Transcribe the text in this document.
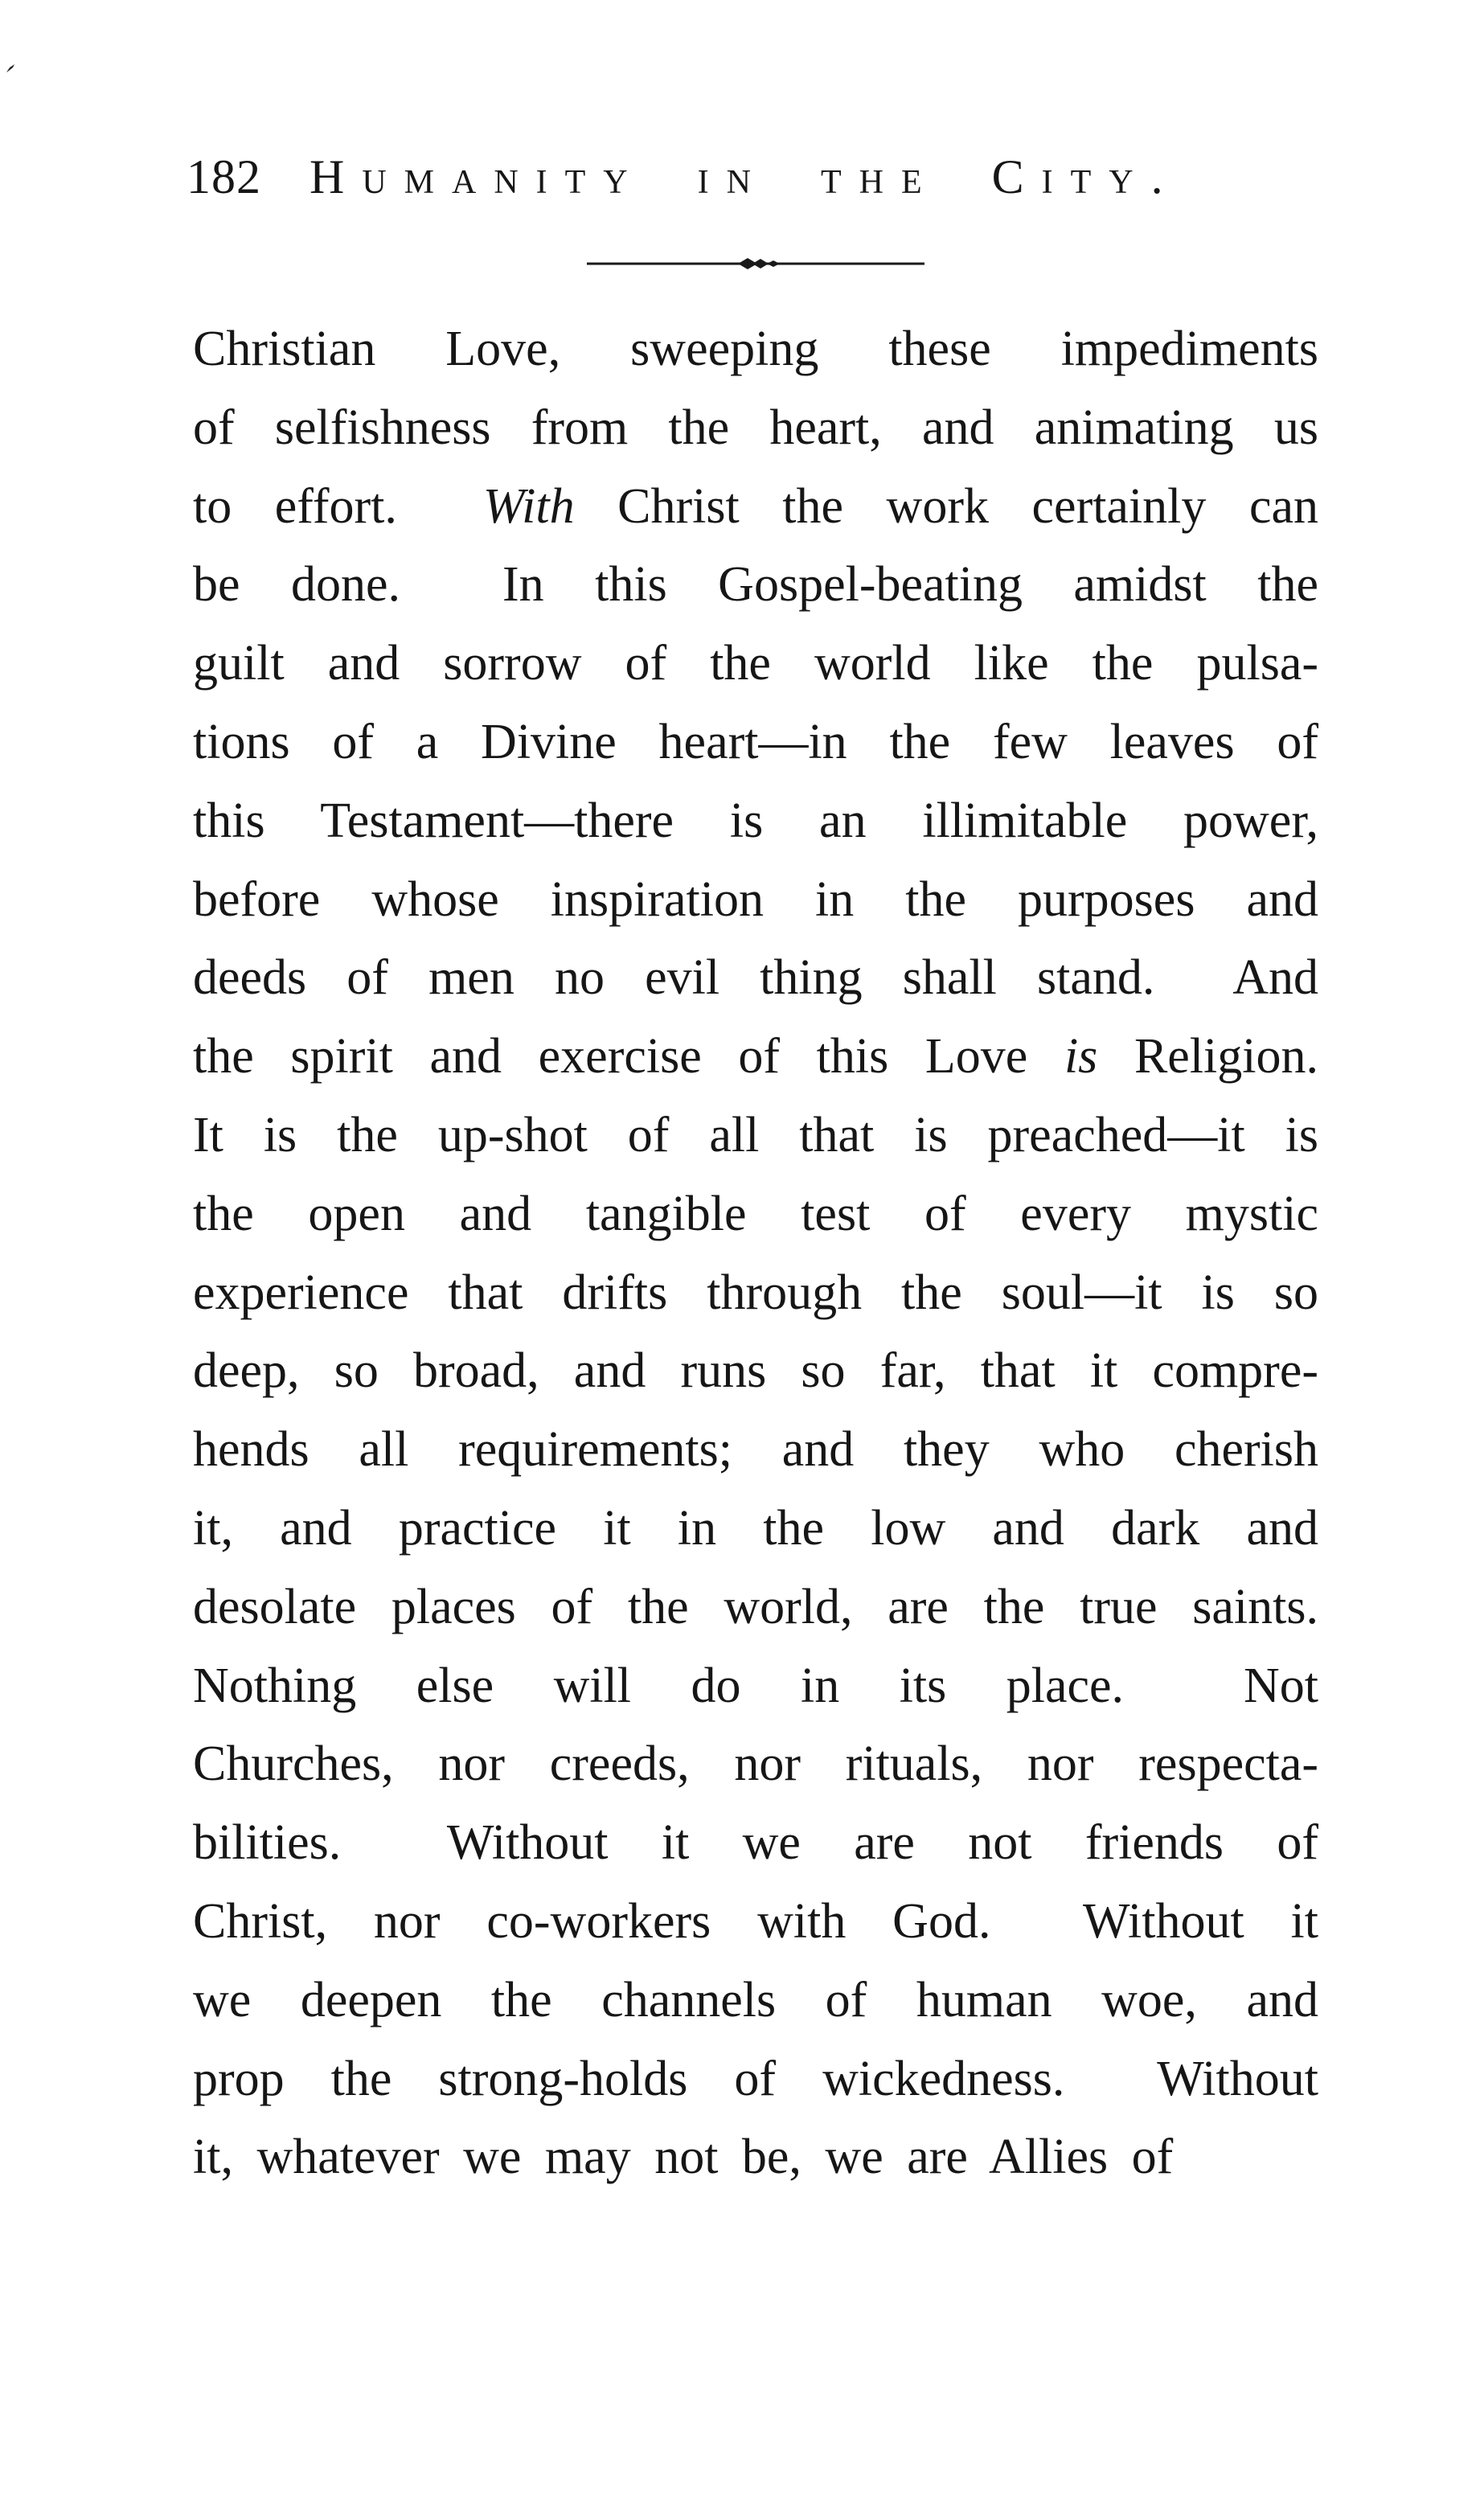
182 Humanity in the City.
Christian Love, sweeping these impediments
of selfishness from the heart, and animating us
to effort.  With Christ the work certainly can
be done.  In this Gospel-beating amidst the
guilt and sorrow of the world like the pulsa-
tions of a Divine heart—in the few leaves of
this Testament—there is an illimitable power,
before whose inspiration in the purposes and
deeds of men no evil thing shall stand.  And
the spirit and exercise of this Love is Religion.
It is the up-shot of all that is preached—it is
the open and tangible test of every mystic
experience that drifts through the soul—it is so
deep, so broad, and runs so far, that it compre-
hends all requirements; and they who cherish
it, and practice it in the low and dark and
desolate places of the world, are the true saints.
Nothing else will do in its place.  Not
Churches, nor creeds, nor rituals, nor respecta-
bilities.  Without it we are not friends of
Christ, nor co-workers with God.  Without it
we deepen the channels of human woe, and
prop the strong-holds of wickedness.  Without
it, whatever we may not be, we are Allies of
